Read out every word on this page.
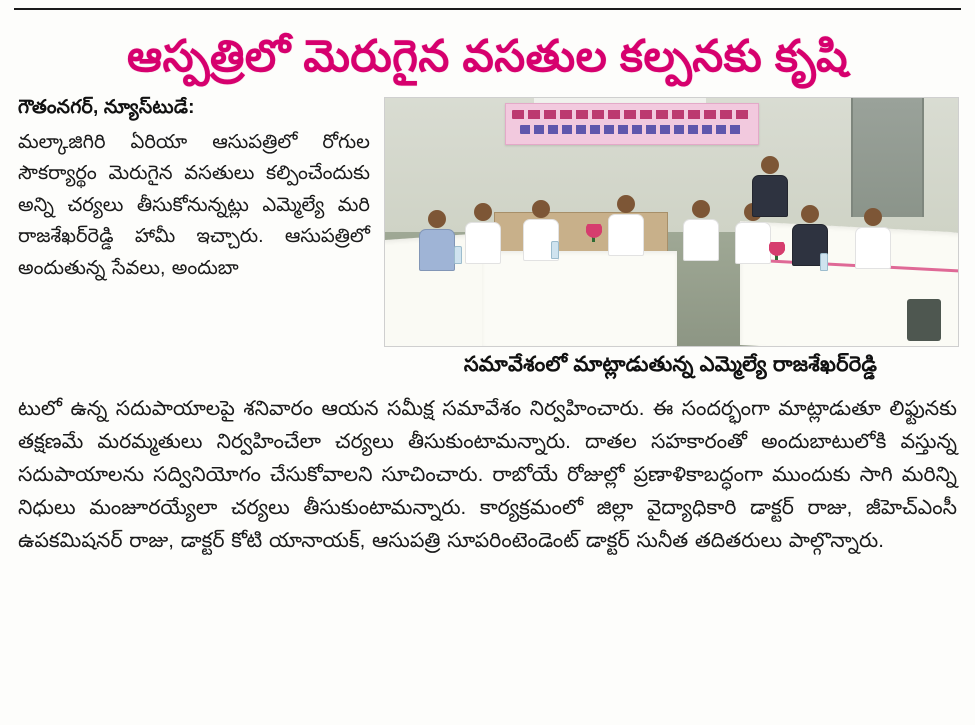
ఆస్పత్రిలో మెరుగైన వసతుల కల్పనకు కృషి
గౌతంనగర్, న్యూస్‌టుడే:
మల్కాజిగిరి ఏరియా ఆసుపత్రిలో రోగుల సౌకర్యార్థం మెరుగైన వసతులు కల్పించేందుకు అన్ని చర్యలు తీసుకోనున్నట్లు ఎమ్మెల్యే మరి రాజశేఖర్‌రెడ్డి హామీ ఇచ్చారు. ఆసుపత్రిలో అందుతున్న సేవలు, అందుబా
సమావేశంలో మాట్లాడుతున్న ఎమ్మెల్యే రాజశేఖర్‌రెడ్డి

టులో ఉన్న సదుపాయాలపై శనివారం ఆయన సమీక్ష సమావేశం నిర్వహించారు. ఈ సందర్భంగా మాట్లాడుతూ లిఫ్టునకు తక్షణమే మరమ్మతులు నిర్వహించేలా చర్యలు తీసుకుంటామన్నారు. దాతల సహకారంతో అందుబాటులోకి వస్తున్న సదుపాయాలను సద్వినియోగం చేసుకోవాలని సూచించారు. రాబోయే రోజుల్లో ప్రణాళికాబద్ధంగా ముందుకు సాగి మరిన్ని నిధులు మంజూరయ్యేలా చర్యలు తీసుకుంటామన్నారు. కార్యక్రమంలో జిల్లా వైద్యాధికారి డాక్టర్ రాజు, జీహెచ్‌ఎంసీ ఉపకమిషనర్ రాజు, డాక్టర్ కోటి యానాయక్, ఆసుపత్రి సూపరింటెండెంట్ డాక్టర్ సునీత తదితరులు పాల్గొన్నారు.
